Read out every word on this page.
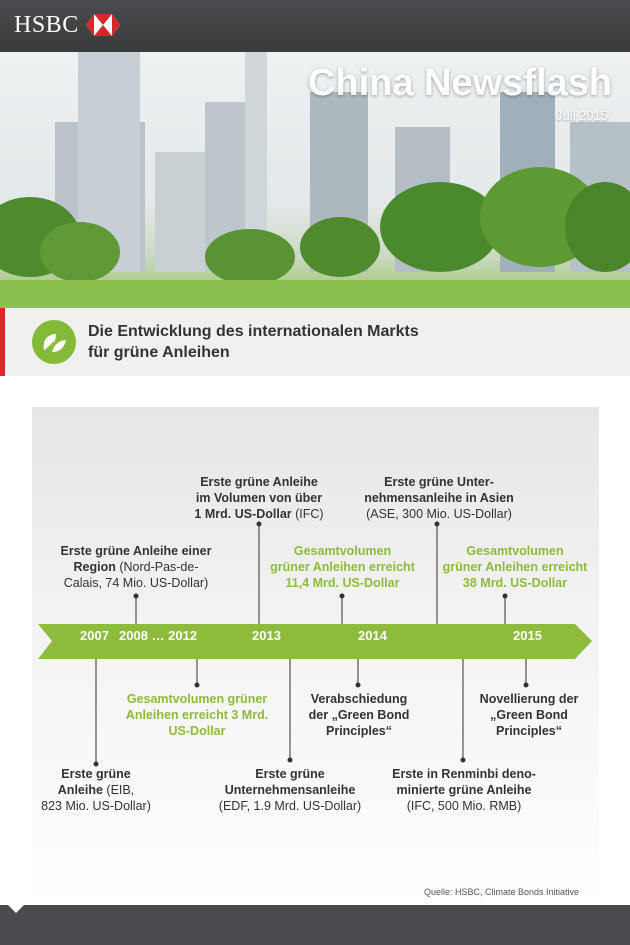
HSBC
China Newsflash
Juli 2015
Die Entwicklung des internationalen Markts
für grüne Anleihen
2007 2008 … 2012	2013	2014	2015
Erste grüne Anleihe einer
Region (Nord-Pas-de-
Calais, 74 Mio. US-Dollar)
Erste grüne Anleihe
im Volumen von über
1 Mrd. US-Dollar (IFC)
Gesamtvolumen
grüner Anleihen erreicht
11,4 Mrd. US-Dollar
Erste grüne Unter-
nehmensanleihe in Asien
(ASE, 300 Mio. US-Dollar)
Gesamtvolumen
grüner Anleihen erreicht
38 Mrd. US-Dollar
Erste grüne
Anleihe (EIB,
823 Mio. US-Dollar)
Gesamtvolumen grüner
Anleihen erreicht 3 Mrd.
US-Dollar
Erste grüne
Unternehmensanleihe
(EDF, 1.9 Mrd. US-Dollar)
Verabschiedung
der „Green Bond
Principles“
Erste in Renminbi deno-
minierte grüne Anleihe
(IFC, 500 Mio. RMB)
Novellierung der
„Green Bond
Principles“
Quelle: HSBC, Climate Bonds Initiative
